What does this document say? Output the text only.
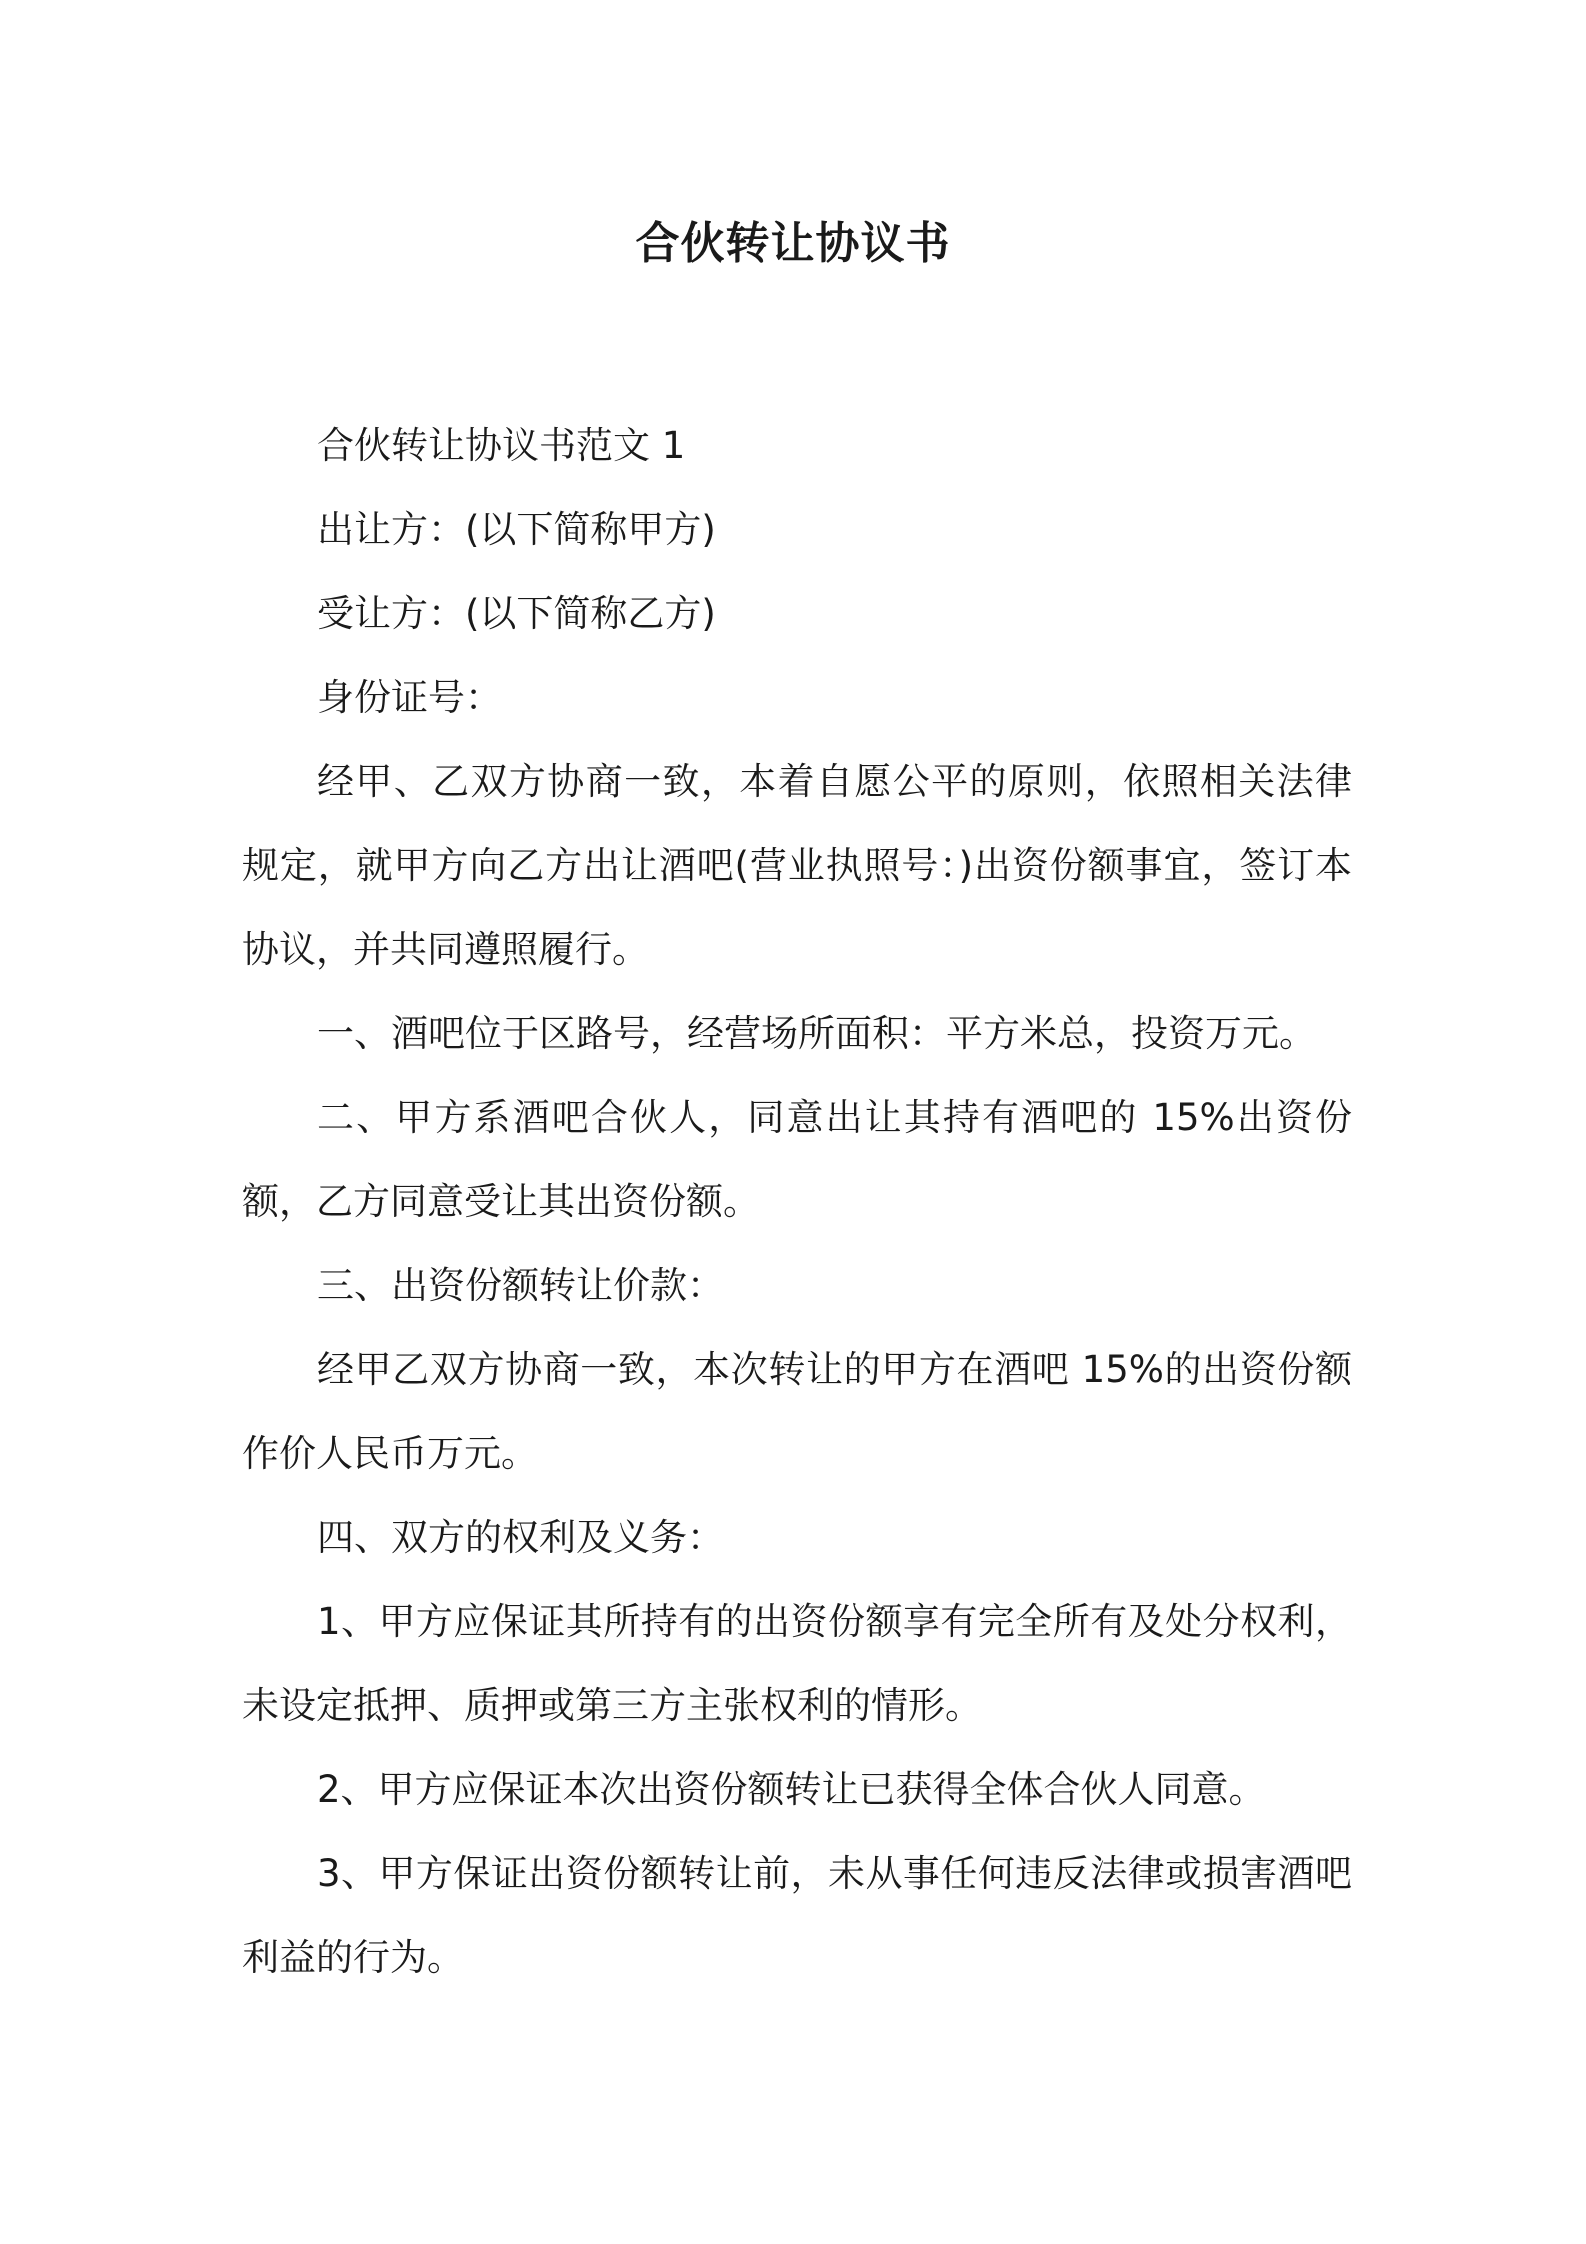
合伙转让协议书

合伙转让协议书范文 1

出让方：(以下简称甲方)

受让方：(以下简称乙方)

身份证号：

经甲、乙双方协商一致，本着自愿公平的原则，依照相关法律规定，就甲方向乙方出让酒吧(营业执照号：)出资份额事宜，签订本协议，并共同遵照履行。

一、酒吧位于区路号，经营场所面积：平方米总，投资万元。

二、甲方系酒吧合伙人，同意出让其持有酒吧的 15%出资份额，乙方同意受让其出资份额。

三、出资份额转让价款：

经甲乙双方协商一致，本次转让的甲方在酒吧 15%的出资份额作价人民币万元。

四、双方的权利及义务：

1、甲方应保证其所持有的出资份额享有完全所有及处分权利，未设定抵押、质押或第三方主张权利的情形。

2、甲方应保证本次出资份额转让已获得全体合伙人同意。

3、甲方保证出资份额转让前，未从事任何违反法律或损害酒吧利益的行为。
